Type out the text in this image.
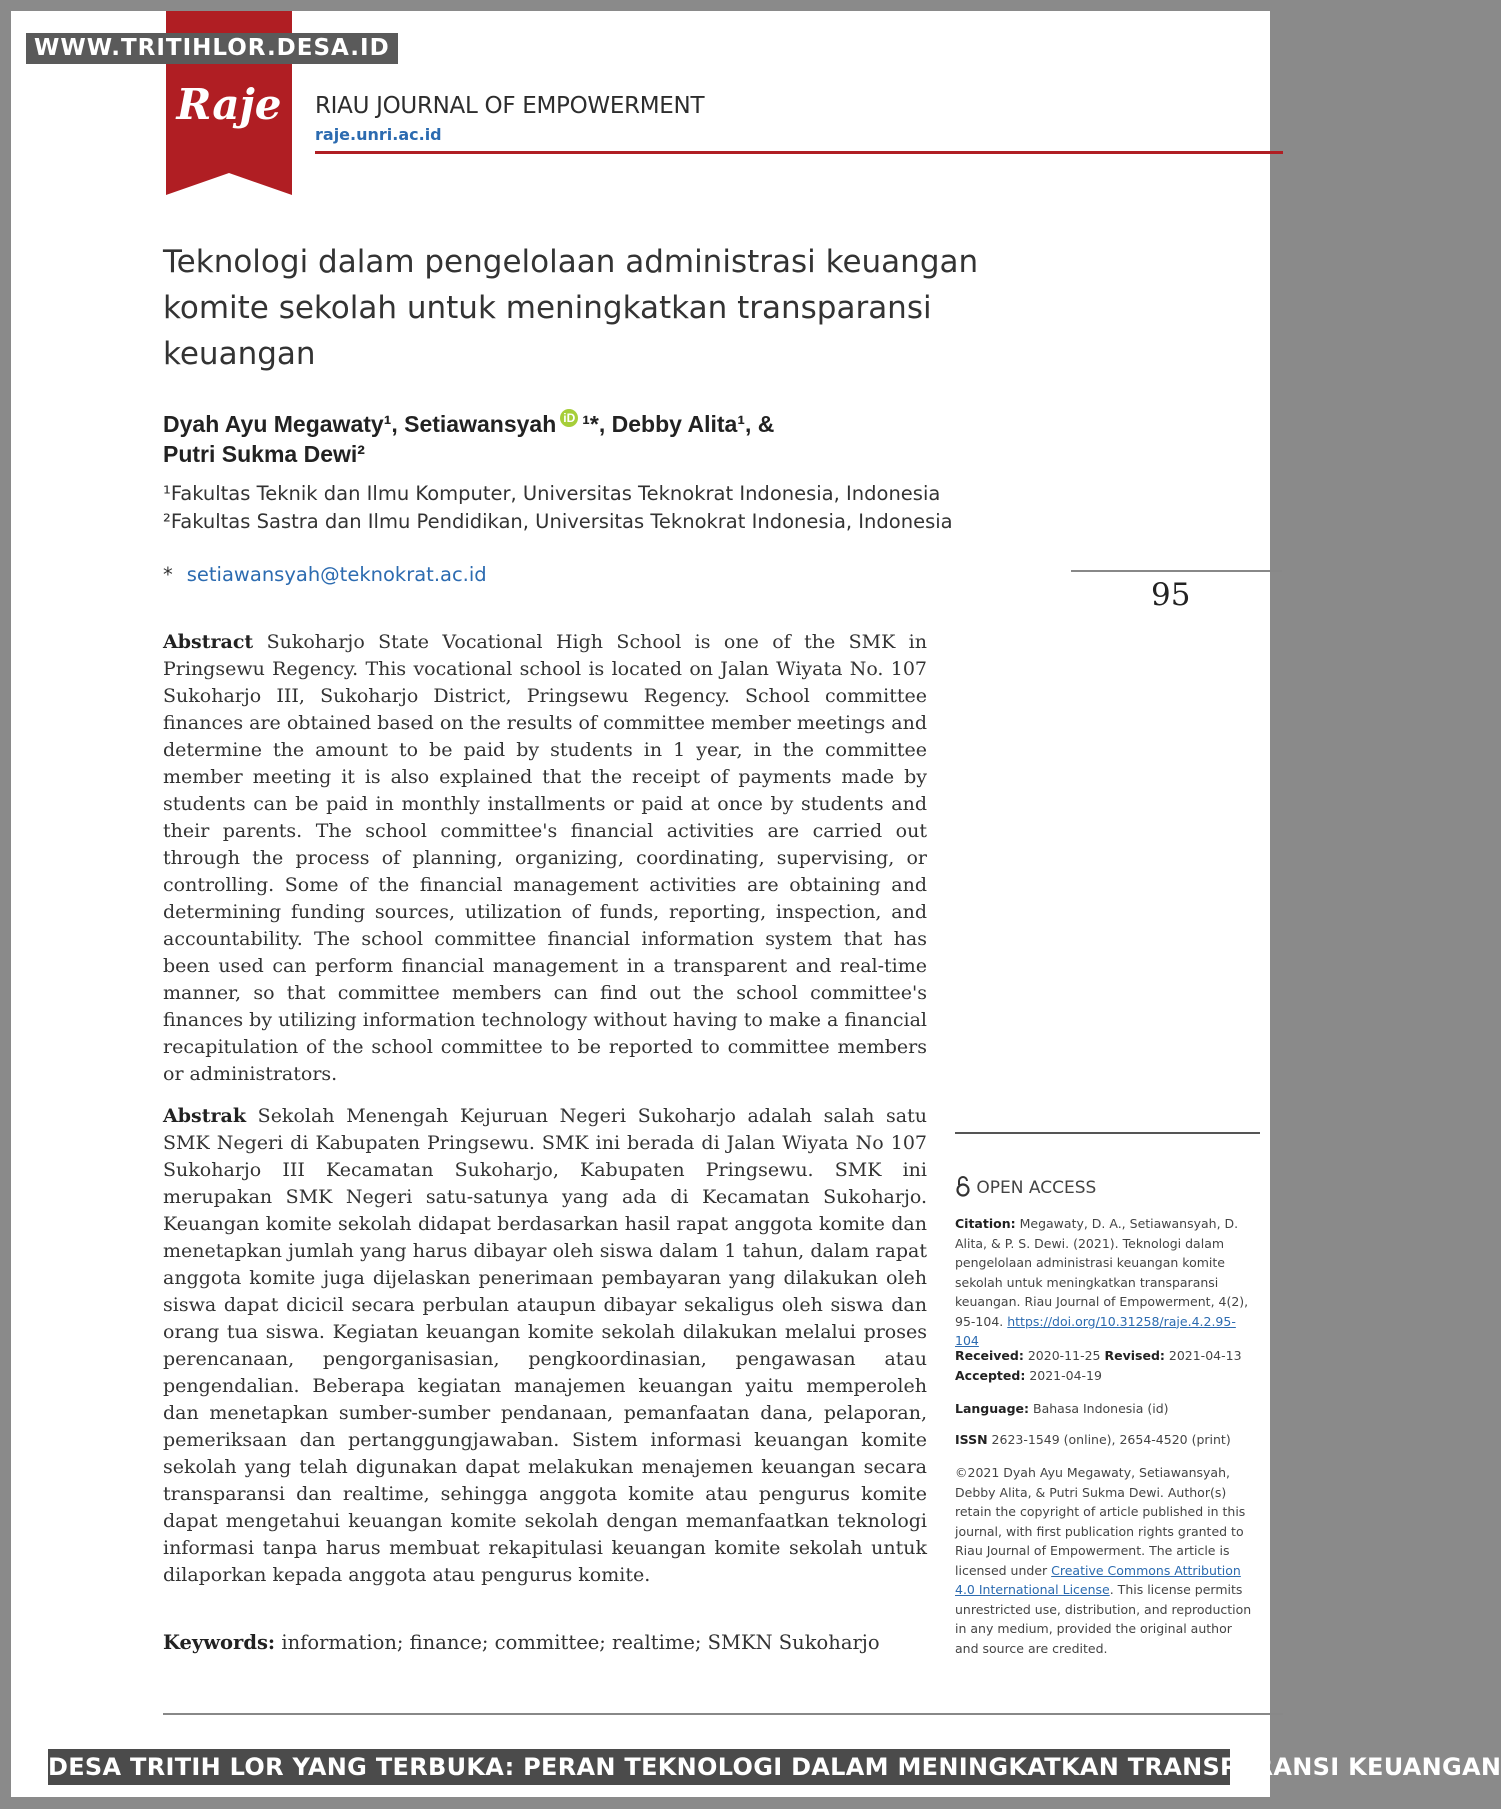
Raje RIAU JOURNAL OF EMPOWERMENT
raje.unri.ac.id
Teknologi dalam pengelolaan administrasi keuangan komite sekolah untuk meningkatkan transparansi keuangan
Dyah Ayu Megawaty¹, Setiawansyah iD ¹*, Debby Alita¹, &
Putri Sukma Dewi²
¹Fakultas Teknik dan Ilmu Komputer, Universitas Teknokrat Indonesia, Indonesia
²Fakultas Sastra dan Ilmu Pendidikan, Universitas Teknokrat Indonesia, Indonesia
* setiawansyah@teknokrat.ac.id
95

Abstract Sukoharjo State Vocational High School is one of the SMK in Pringsewu Regency. This vocational school is located on Jalan Wiyata No. 107 Sukoharjo III, Sukoharjo District, Pringsewu Regency. School committee finances are obtained based on the results of committee member meetings and determine the amount to be paid by students in 1 year, in the committee member meeting it is also explained that the receipt of payments made by students can be paid in monthly installments or paid at once by students and their parents. The school committee's financial activities are carried out through the process of planning, organizing, coordinating, supervising, or controlling. Some of the financial management activities are obtaining and determining funding sources, utilization of funds, reporting, inspection, and accountability. The school committee financial information system that has been used can perform financial management in a transparent and real-time manner, so that committee members can find out the school committee's finances by utilizing information technology without having to make a financial recapitulation of the school committee to be reported to committee members or administrators.

Abstrak Sekolah Menengah Kejuruan Negeri Sukoharjo adalah salah satu SMK Negeri di Kabupaten Pringsewu. SMK ini berada di Jalan Wiyata No 107 Sukoharjo III Kecamatan Sukoharjo, Kabupaten Pringsewu. SMK ini merupakan SMK Negeri satu-satunya yang ada di Kecamatan Sukoharjo. Keuangan komite sekolah didapat berdasarkan hasil rapat anggota komite dan menetapkan jumlah yang harus dibayar oleh siswa dalam 1 tahun, dalam rapat anggota komite juga dijelaskan penerimaan pembayaran yang dilakukan oleh siswa dapat dicicil secara perbulan ataupun dibayar sekaligus oleh siswa dan orang tua siswa. Kegiatan keuangan komite sekolah dilakukan melalui proses perencanaan, pengorganisasian, pengkoordinasian, pengawasan atau pengendalian. Beberapa kegiatan manajemen keuangan yaitu memperoleh dan menetapkan sumber-sumber pendanaan, pemanfaatan dana, pelaporan, pemeriksaan dan pertanggungjawaban. Sistem informasi keuangan komite sekolah yang telah digunakan dapat melakukan menajemen keuangan secara transparansi dan realtime, sehingga anggota komite atau pengurus komite dapat mengetahui keuangan komite sekolah dengan memanfaatkan teknologi informasi tanpa harus membuat rekapitulasi keuangan komite sekolah untuk dilaporkan kepada anggota atau pengurus komite.

Keywords: information; finance; committee; realtime; SMKN Sukoharjo
OPEN ACCESS

Citation: Megawaty, D. A., Setiawansyah, D. Alita, & P. S. Dewi. (2021). Teknologi dalam pengelolaan administrasi keuangan komite sekolah untuk meningkatkan transparansi keuangan. Riau Journal of Empowerment, 4(2), 95-104. https://doi.org/10.31258/raje.4.2.95-104

Received: 2020-11-25 Revised: 2021-04-13
Accepted: 2021-04-19

Language: Bahasa Indonesia (id)

ISSN 2623-1549 (online), 2654-4520 (print)

©2021 Dyah Ayu Megawaty, Setiawansyah, Debby Alita, & Putri Sukma Dewi. Author(s) retain the copyright of article published in this journal, with first publication rights granted to Riau Journal of Empowerment. The article is licensed under Creative Commons Attribution 4.0 International License. This license permits unrestricted use, distribution, and reproduction in any medium, provided the original author and source are credited.

WWW.TRITIHLOR.DESA.ID
DESA TRITIH LOR YANG TERBUKA: PERAN TEKNOLOGI DALAM MENINGKATKAN TRANSPARANSI KEUANGAN
